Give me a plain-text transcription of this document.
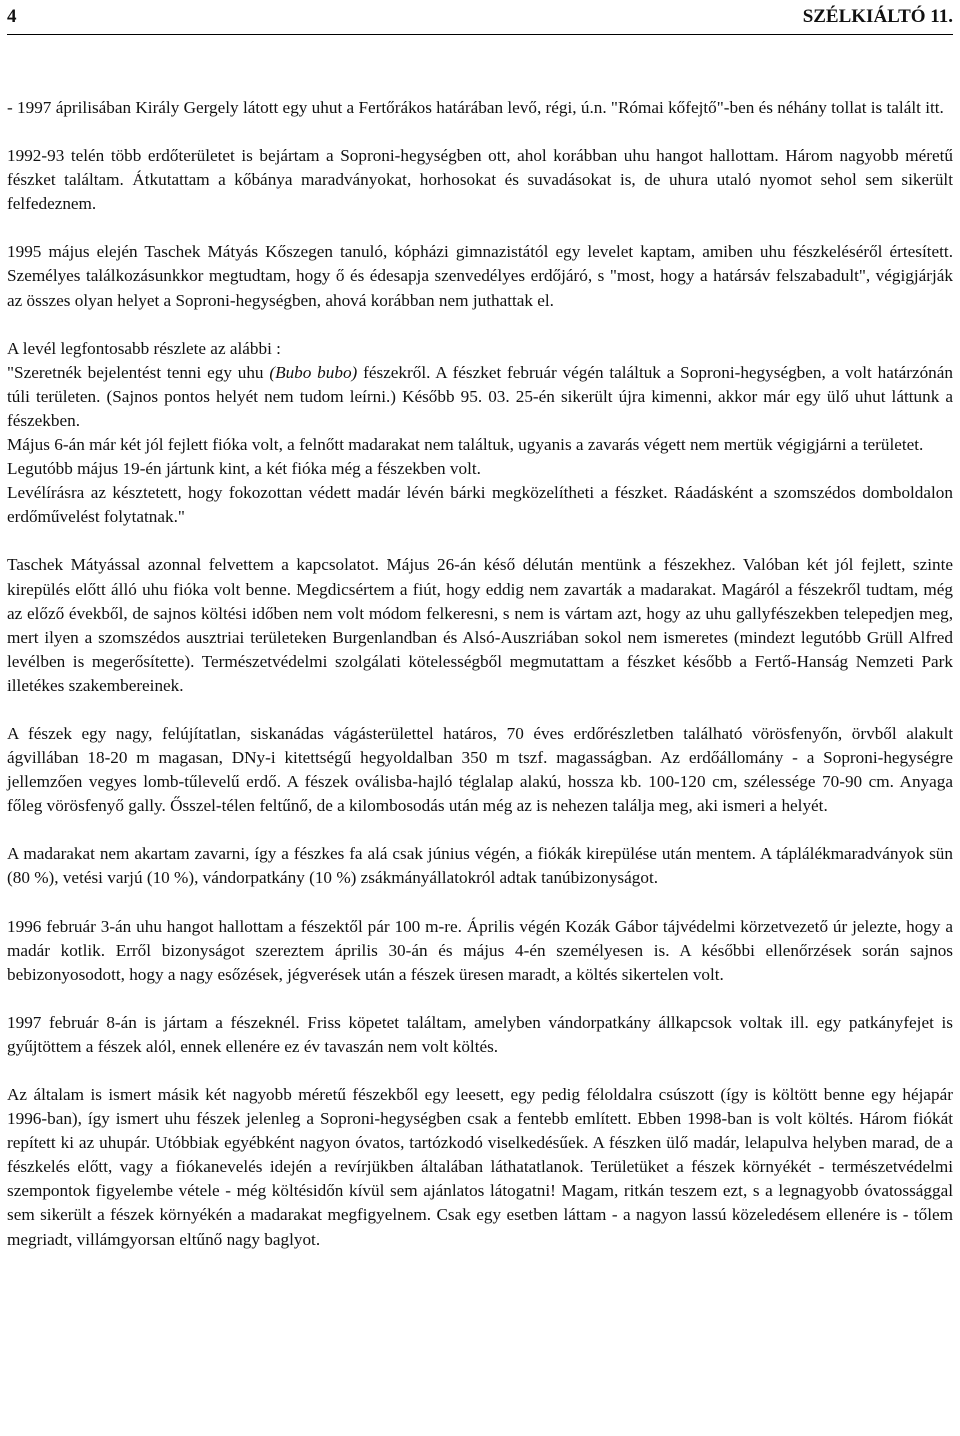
4	SZÉLKIÁLTÓ 11.

- 1997 áprilisában Király Gergely látott egy uhut a Fertőrákos határában levő, régi, ú.n. "Római kőfejtő"-ben és néhány tollat is talált itt.

1992-93 telén több erdőterületet is bejártam a Soproni-hegységben ott, ahol korábban uhu hangot hallottam. Három nagyobb méretű fészket találtam. Átkutattam a kőbánya maradványokat, horhosokat és suvadásokat is, de uhura utaló nyomot sehol sem sikerült felfedeznem.

1995 május elején Taschek Mátyás Kőszegen tanuló, kópházi gimnazistától egy levelet kaptam, amiben uhu fészkeléséről értesített. Személyes találkozásunkkor megtudtam, hogy ő és édesapja szenvedélyes erdőjáró, s "most, hogy a határsáv felszabadult", végigjárják az összes olyan helyet a Soproni-hegységben, ahová korábban nem juthattak el.

A levél legfontosabb részlete az alábbi :

"Szeretnék bejelentést tenni egy uhu (Bubo bubo) fészekről. A fészket február végén találtuk a Soproni-hegységben, a volt határzónán túli területen. (Sajnos pontos helyét nem tudom leírni.) Később 95. 03. 25-én sikerült újra kimenni, akkor már egy ülő uhut láttunk a fészekben.

Május 6-án már két jól fejlett fióka volt, a felnőtt madarakat nem találtuk, ugyanis a zavarás végett nem mertük végigjárni a területet.

Legutóbb május 19-én jártunk kint, a két fióka még a fészekben volt.

Levélírásra az késztetett, hogy fokozottan védett madár lévén bárki megközelítheti a fészket. Ráadásként a szomszédos domboldalon erdőművelést folytatnak."

Taschek Mátyással azonnal felvettem a kapcsolatot. Május 26-án késő délután mentünk a fészekhez. Valóban két jól fejlett, szinte kirepülés előtt álló uhu fióka volt benne. Megdicsértem a fiút, hogy eddig nem zavarták a madarakat. Magáról a fészekről tudtam, még az előző évekből, de sajnos költési időben nem volt módom felkeresni, s nem is vártam azt, hogy az uhu gallyfészekben telepedjen meg, mert ilyen a szomszédos ausztriai területeken Burgenlandban és Alsó-Auszriában sokol nem ismeretes (mindezt legutóbb Grüll Alfred levélben is megerősítette). Természetvédelmi szolgálati kötelességből megmutattam a fészket később a Fertő-Hanság Nemzeti Park illetékes szakembereinek.

A fészek egy nagy, felújítatlan, siskanádas vágásterülettel határos, 70 éves erdőrészletben található vörösfenyőn, örvből alakult ágvillában 18-20 m magasan, DNy-i kitettségű hegyoldalban 350 m tszf. magasságban. Az erdőállomány - a Soproni-hegységre jellemzően vegyes lomb-tűlevelű erdő. A fészek oválisba-hajló téglalap alakú, hossza kb. 100-120 cm, szélessége 70-90 cm. Anyaga főleg vörösfenyő gally. Ősszel-télen feltűnő, de a kilombosodás után még az is nehezen találja meg, aki ismeri a helyét.

A madarakat nem akartam zavarni, így a fészkes fa alá csak június végén, a fiókák kirepülése után mentem. A táplálékmaradványok sün (80 %), vetési varjú (10 %), vándorpatkány (10 %) zsákmányállatokról adtak tanúbizonyságot.

1996 február 3-án uhu hangot hallottam a fészektől pár 100 m-re. Április végén Kozák Gábor tájvédelmi körzetvezető úr jelezte, hogy a madár kotlik. Erről bizonyságot szereztem április 30-án és május 4-én személyesen is. A későbbi ellenőrzések során sajnos bebizonyosodott, hogy a nagy esőzések, jégverések után a fészek üresen maradt, a költés sikertelen volt.

1997 február 8-án is jártam a fészeknél. Friss köpetet találtam, amelyben vándorpatkány állkapcsok voltak ill. egy patkányfejet is gyűjtöttem a fészek alól, ennek ellenére ez év tavaszán nem volt költés.

Az általam is ismert másik két nagyobb méretű fészekből egy leesett, egy pedig féloldalra csúszott (így is költött benne egy héjapár 1996-ban), így ismert uhu fészek jelenleg a Soproni-hegységben csak a fentebb említett. Ebben 1998-ban is volt költés. Három fiókát repített ki az uhupár. Utóbbiak egyébként nagyon óvatos, tartózkodó viselkedésűek. A fészken ülő madár, lelapulva helyben marad, de a fészkelés előtt, vagy a fiókanevelés idején a revírjükben általában láthatatlanok. Területüket a fészek környékét - természetvédelmi szempontok figyelembe vétele - még költésidőn kívül sem ajánlatos látogatni! Magam, ritkán teszem ezt, s a legnagyobb óvatossággal sem sikerült a fészek környékén a madarakat megfigyelnem. Csak egy esetben láttam - a nagyon lassú közeledésem ellenére is - tőlem megriadt, villámgyorsan eltűnő nagy baglyot.
